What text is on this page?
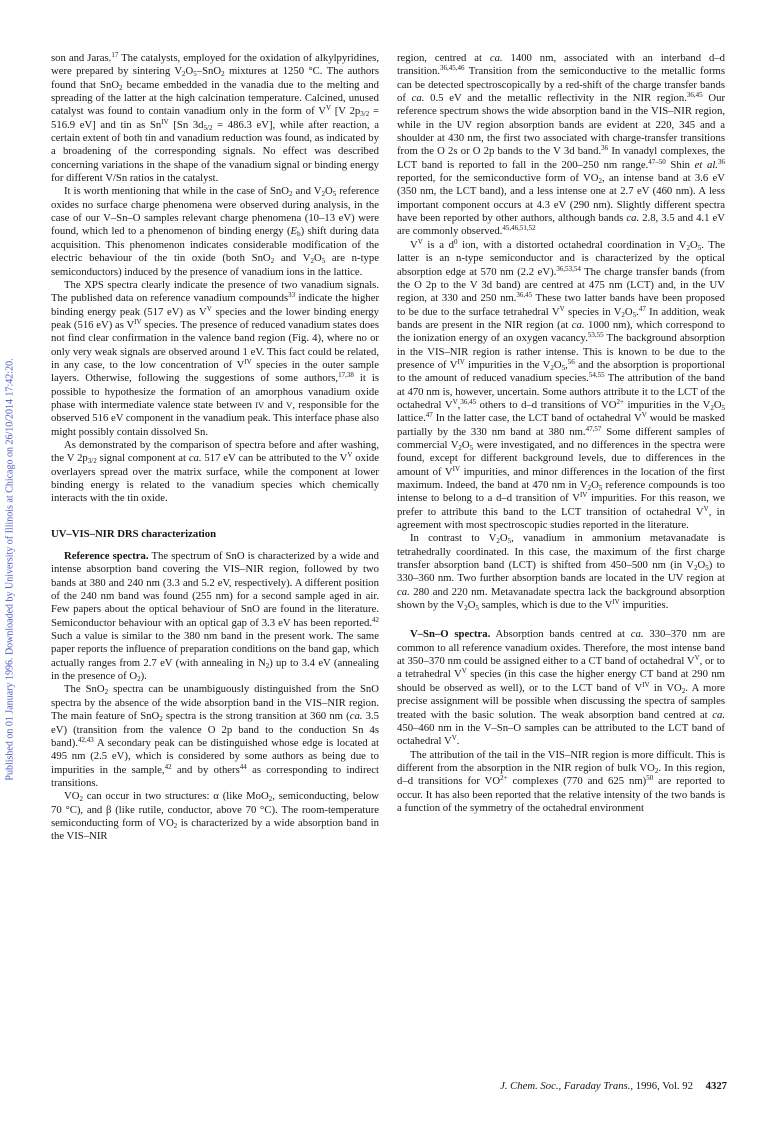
Published on 01 January 1996. Downloaded by University of Illinois at Chicago on 26/10/2014 17:42:20.

son and Jaras.$^{17}$ The catalysts, employed for the oxidation of alkylpyridines, were prepared by sintering $V_2O_5-SnO_2$ mixtures at 1250 °C. The authors found that SnO$_2$ became embedded in the vanadia due to the melting and spreading of the latter at the high calcination temperature. Calcined, unused catalyst was found to contain vanadium only in the form of $V^V$ [V $2p_{3/2} = 516.9$ eV] and tin as $Sn^{IV}$ [Sn $3d_{5/2} = 486.3$ eV], while after reaction, a certain extent of both tin and vanadium reduction was found, as indicated by a broadening of the corresponding signals. No effect was described concerning variations in the shape of the vanadium signal or binding energy for different V/Sn ratios in the catalyst.

It is worth mentioning that while in the case of SnO$_2$ and $V_2O_5$ reference oxides no surface charge phenomena were observed during analysis, in the case of our V–Sn–O samples relevant charge phenomena (10–13 eV) were found, which led to a phenomenon of binding energy $(E_b)$ shift during data acquisition. This phenomenon indicates considerable modification of the electric behaviour of the tin oxide (both SnO$_2$ and $V_2O_5$ are n-type semiconductors) induced by the presence of vanadium ions in the lattice.

The XPS spectra clearly indicate the presence of two vanadium signals. The published data on reference vanadium compounds$^{33}$ indicate the higher binding energy peak (517 eV) as $V^V$ species and the lower binding energy peak (516 eV) as $V^{IV}$ species. The presence of reduced vanadium states does not find clear confirmation in the valence band region (Fig. 4), where no or only very weak signals are observed around 1 eV. This fact could be related, in any case, to the low concentration of $V^{IV}$ species in the outer sample layers. Otherwise, following the suggestions of some authors,$^{17,38}$ it is possible to hypothesize the formation of an amorphous vanadium oxide phase with intermediate valence state between IV and V, responsible for the observed 516 eV component in the vanadium peak. This interface phase also might possibly contain dissolved Sn.

As demonstrated by the comparison of spectra before and after washing, the V $2p_{3/2}$ signal component at ca. 517 eV can be attributed to the $V^V$ oxide overlayers spread over the matrix surface, while the component at lower binding energy is related to the vanadium species which chemically interacts with the tin oxide.

UV–VIS–NIR DRS characterization

Reference spectra. The spectrum of SnO is characterized by a wide and intense absorption band covering the VIS–NIR region, followed by two bands at 380 and 240 nm (3.3 and 5.2 eV, respectively). A different position of the 240 nm band was found (255 nm) for a second sample aged in air. Few papers about the optical behaviour of SnO are found in the literature. Semiconductor behaviour with an optical gap of 3.3 eV has been reported.$^{42}$ Such a value is similar to the 380 nm band in the present work. The same paper reports the influence of preparation conditions on the band gap, which actually ranges from 2.7 eV (with annealing in $N_2$) up to 3.4 eV (annealing in the presence of $O_2$).

The SnO$_2$ spectra can be unambiguously distinguished from the SnO spectra by the absence of the wide absorption band in the VIS–NIR region. The main feature of SnO$_2$ spectra is the strong transition at 360 nm (ca. 3.5 eV) (transition from the valence O 2p band to the conduction Sn 4s band).$^{42,43}$ A secondary peak can be distinguished whose edge is located at 495 nm (2.5 eV), which is considered by some authors as being due to impurities in the sample,$^{42}$ and by others$^{44}$ as corresponding to indirect transitions.

$VO_2$ can occur in two structures: α (like MoO$_2$, semiconducting, below 70 °C), and β (like rutile, conductor, above 70 °C). The room-temperature semiconducting form of $VO_2$ is characterized by a wide absorption band in the VIS–NIR

region, centred at ca. 1400 nm, associated with an interband d–d transition.$^{36,45,46}$ Transition from the semiconductive to the metallic forms can be detected spectroscopically by a red-shift of the charge transfer bands of ca. 0.5 eV and the metallic reflectivity in the NIR region.$^{36,45}$ Our reference spectrum shows the wide absorption band in the VIS–NIR region, while in the UV region absorption bands are evident at 220, 345 and a shoulder at 430 nm, the first two associated with charge-transfer transitions from the O 2s or O 2p bands to the V 3d band.$^{36}$ In vanadyl complexes, the LCT band is reported to fall in the 200–250 nm range.$^{47-50}$ Shin et al.$^{36}$ reported, for the semiconductive form of $VO_2$, an intense band at 3.6 eV (350 nm, the LCT band), and a less intense one at 2.7 eV (460 nm). A less important component occurs at 4.3 eV (290 nm). Slightly different spectra have been reported by other authors, although bands ca. 2.8, 3.5 and 4.1 eV are commonly observed.$^{45,46,51,52}$

$V^V$ is a $d^0$ ion, with a distorted octahedral coordination in $V_2O_5$. The latter is an n-type semiconductor and is characterized by the optical absorption edge at 570 nm (2.2 eV).$^{36,53,54}$ The charge transfer bands (from the O 2p to the V 3d band) are centred at 475 nm (LCT) and, in the UV region, at 330 and 250 nm.$^{36,45}$ These two latter bands have been proposed to be due to the surface tetrahedral $V^V$ species in $V_2O_5.^{47}$ In addition, weak bands are present in the NIR region (at ca. 1000 nm), which correspond to the ionization energy of an oxygen vacancy.$^{53,55}$ The background absorption in the VIS–NIR region is rather intense. This is known to be due to the presence of $V^{IV}$ impurities in the $V_2O_5,^{56}$ and the absorption is proportional to the amount of reduced vanadium species.$^{54,55}$ The attribution of the band at 470 nm is, however, uncertain. Some authors attribute it to the LCT of the octahedral $V^V,^{36,45}$ others to d–d transitions of $VO^{2+}$ impurities in the $V_2O_5$ lattice.$^{47}$ In the latter case, the LCT band of octahedral $V^V$ would be masked partially by the 330 nm band at 380 nm.$^{47,57}$ Some different samples of commercial $V_2O_5$ were investigated, and no differences in the spectra were found, except for different background levels, due to differences in the amount of $V^{IV}$ impurities, and minor differences in the location of the first maximum. Indeed, the band at 470 nm in $V_2O_5$ reference compounds is too intense to belong to a d–d transition of $V^{IV}$ impurities. For this reason, we prefer to attribute this band to the LCT transition of octahedral $V^V$, in agreement with most spectroscopic studies reported in the literature.

In contrast to $V_2O_5$, vanadium in ammonium metavanadate is tetrahedrally coordinated. In this case, the maximum of the first charge transfer absorption band (LCT) is shifted from 450–500 nm (in $V_2O_5$) to 330–360 nm. Two further absorption bands are located in the UV region at ca. 280 and 220 nm. Metavanadate spectra lack the background absorption shown by the $V_2O_5$ samples, which is due to the $V^{IV}$ impurities.

V–Sn–O spectra. Absorption bands centred at ca. 330–370 nm are common to all reference vanadium oxides. Therefore, the most intense band at 350–370 nm could be assigned either to a CT band of octahedral $V^V$, or to a tetrahedral $V^V$ species (in this case the higher energy CT band at 290 nm should be observed as well), or to the LCT band of $V^{IV}$ in $VO_2$. A more precise assignment will be possible when discussing the spectra of samples treated with the basic solution. The weak absorption band centred at ca. 450–460 nm in the V–Sn–O samples can be attributed to the LCT band of octahedral $V^V$.

The attribution of the tail in the VIS–NIR region is more difficult. This is different from the absorption in the NIR region of bulk $VO_2$. In this region, d–d transitions for $VO^{2+}$ complexes (770 and 625 nm)$^{50}$ are reported to occur. It has also been reported that the relative intensity of the two bands is a function of the symmetry of the octahedral environment

J. Chem. Soc., Faraday Trans., 1996, Vol. 92 4327
